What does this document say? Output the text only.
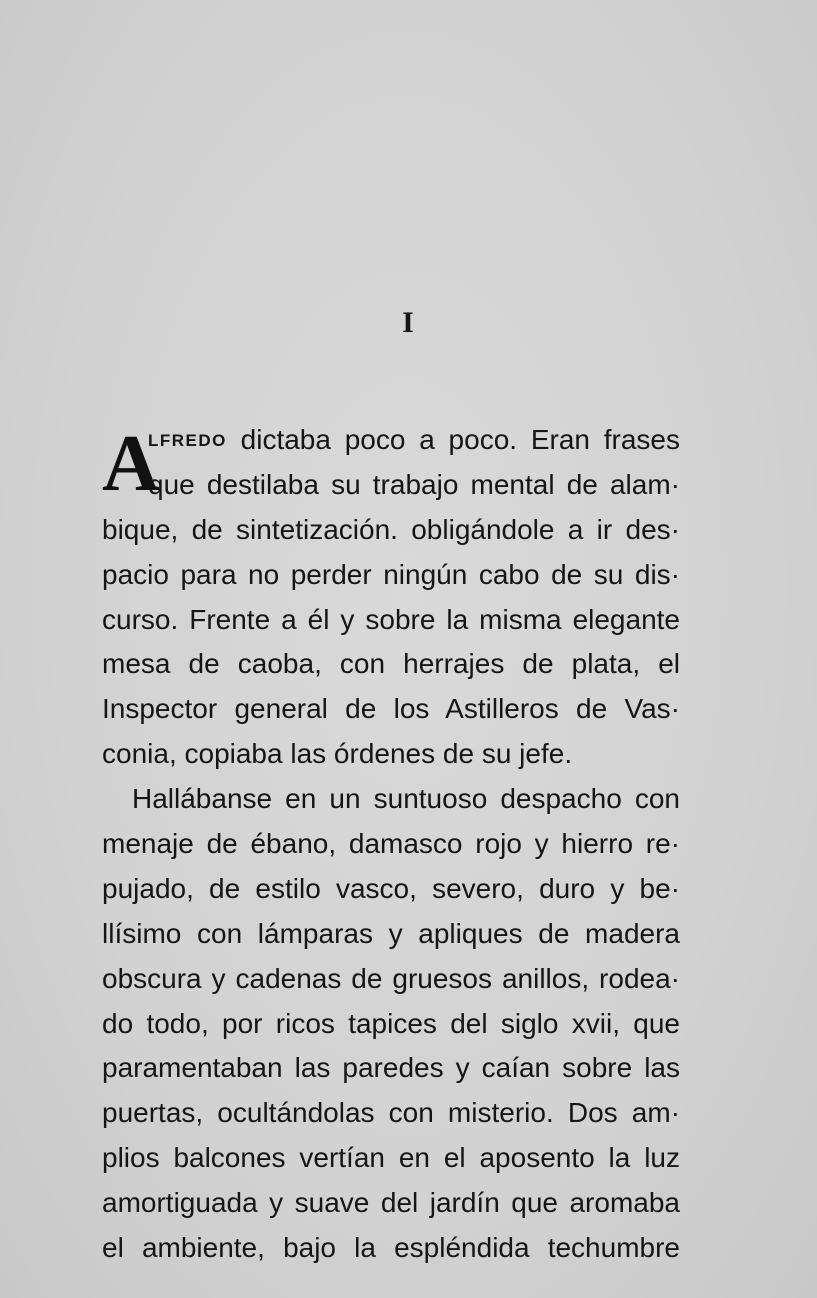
I
A
LFREDO dictaba poco a poco. Eran frases
que destilaba su trabajo mental de alam·
bique, de sintetización. obligándole a ir des·
pacio para no perder ningún cabo de su dis·
curso. Frente a él y sobre la misma elegante
mesa de caoba, con herrajes de plata, el
Inspector general de los Astilleros de Vas·
conia, copiaba las órdenes de su jefe.
Hallábanse en un suntuoso despacho con
menaje de ébano, damasco rojo y hierro re·
pujado, de estilo vasco, severo, duro y be·
llísimo con lámparas y apliques de madera
obscura y cadenas de gruesos anillos, rodea·
do todo, por ricos tapices del siglo xvii, que
paramentaban las paredes y caían sobre las
puertas, ocultándolas con misterio. Dos am·
plios balcones vertían en el aposento la luz
amortiguada y suave del jardín que aromaba
el ambiente, bajo la espléndida techumbre
